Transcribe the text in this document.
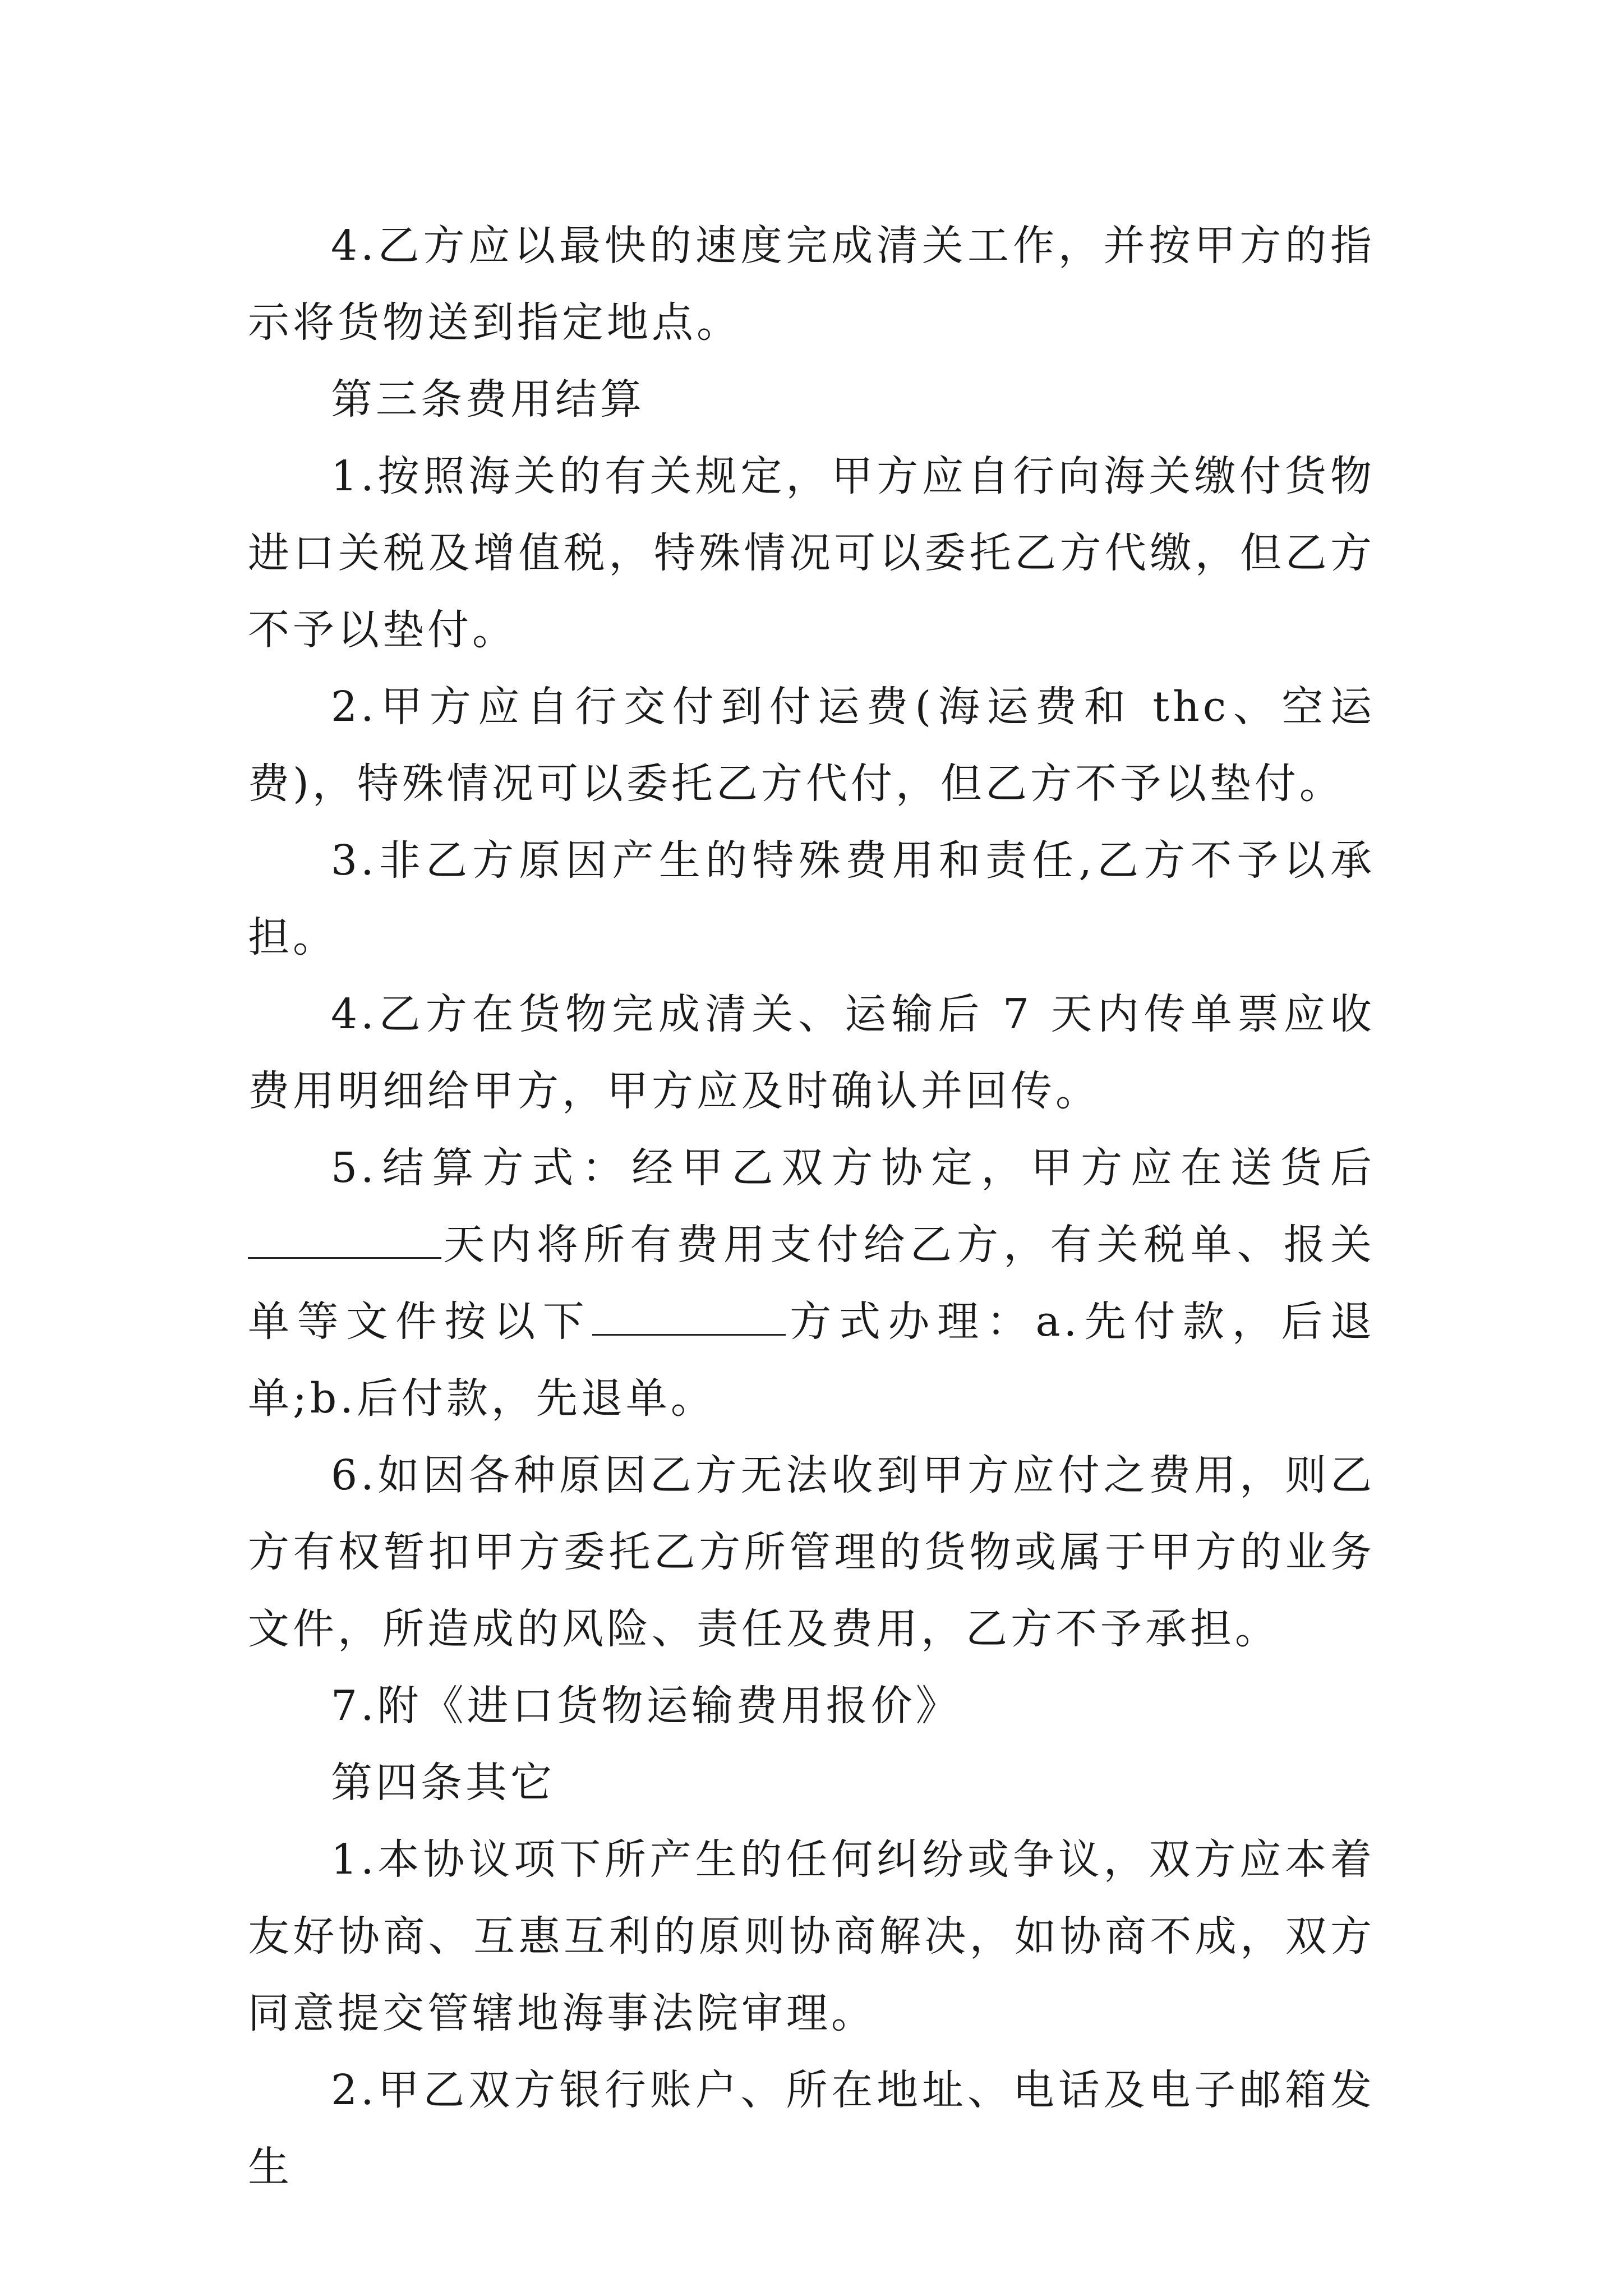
4.乙方应以最快的速度完成清关工作，并按甲方的指示将货物送到指定地点。

第三条费用结算

1.按照海关的有关规定，甲方应自行向海关缴付货物进口关税及增值税，特殊情况可以委托乙方代缴，但乙方不予以垫付。

2.甲方应自行交付到付运费(海运费和 thc、空运费)，特殊情况可以委托乙方代付，但乙方不予以垫付。

3.非乙方原因产生的特殊费用和责任,乙方不予以承担。

4.乙方在货物完成清关、运输后 7 天内传单票应收费用明细给甲方，甲方应及时确认并回传。

5.结算方式：经甲乙双方协定，甲方应在送货后天内将所有费用支付给乙方，有关税单、报关单等文件按以下	方式办理：a.先付款，后退单;b.后付款，先退单。

6.如因各种原因乙方无法收到甲方应付之费用，则乙方有权暂扣甲方委托乙方所管理的货物或属于甲方的业务文件，所造成的风险、责任及费用，乙方不予承担。

7.附《进口货物运输费用报价》

第四条其它

1.本协议项下所产生的任何纠纷或争议，双方应本着友好协商、互惠互利的原则协商解决，如协商不成，双方同意提交管辖地海事法院审理。

2.甲乙双方银行账户、所在地址、电话及电子邮箱发生
